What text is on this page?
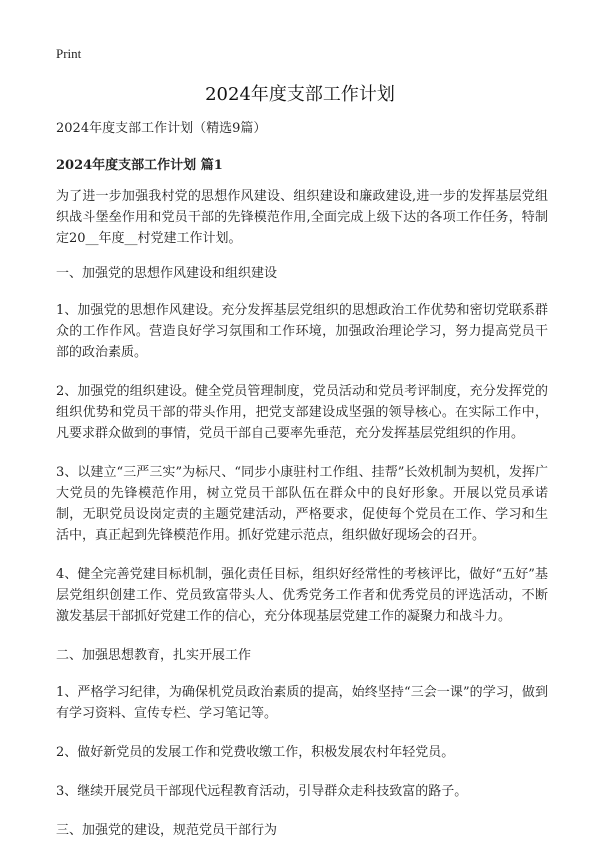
Print
2024年度支部工作计划

2024年度支部工作计划（精选9篇）

2024年度支部工作计划 篇1

为了进一步加强我村党的思想作风建设、组织建设和廉政建设,进一步的发挥基层党组织战斗堡垒作用和党员干部的先锋模范作用,全面完成上级下达的各项工作任务，特制定20__年度__村党建工作计划。

一、加强党的思想作风建设和组织建设

1、加强党的思想作风建设。充分发挥基层党组织的思想政治工作优势和密切党联系群众的工作作风。营造良好学习氛围和工作环境，加强政治理论学习，努力提高党员干部的政治素质。

2、加强党的组织建设。健全党员管理制度，党员活动和党员考评制度，充分发挥党的组织优势和党员干部的带头作用，把党支部建设成坚强的领导核心。在实际工作中，凡要求群众做到的事情，党员干部自己要率先垂范，充分发挥基层党组织的作用。

3、以建立“三严三实”为标尺、“同步小康驻村工作组、挂帮”长效机制为契机，发挥广大党员的先锋模范作用，树立党员干部队伍在群众中的良好形象。开展以党员承诺制，无职党员设岗定责的主题党建活动，严格要求，促使每个党员在工作、学习和生活中，真正起到先锋模范作用。抓好党建示范点，组织做好现场会的召开。

4、健全完善党建目标机制，强化责任目标，组织好经常性的考核评比，做好“五好”基层党组织创建工作、党员致富带头人、优秀党务工作者和优秀党员的评选活动，不断激发基层干部抓好党建工作的信心，充分体现基层党建工作的凝聚力和战斗力。

二、加强思想教育，扎实开展工作

1、严格学习纪律，为确保机党员政治素质的提高，始终坚持“三会一课”的学习，做到有学习资料、宣传专栏、学习笔记等。

2、做好新党员的发展工作和党费收缴工作，积极发展农村年轻党员。

3、继续开展党员干部现代远程教育活动，引导群众走科技致富的路子。

三、加强党的建设，规范党员干部行为
